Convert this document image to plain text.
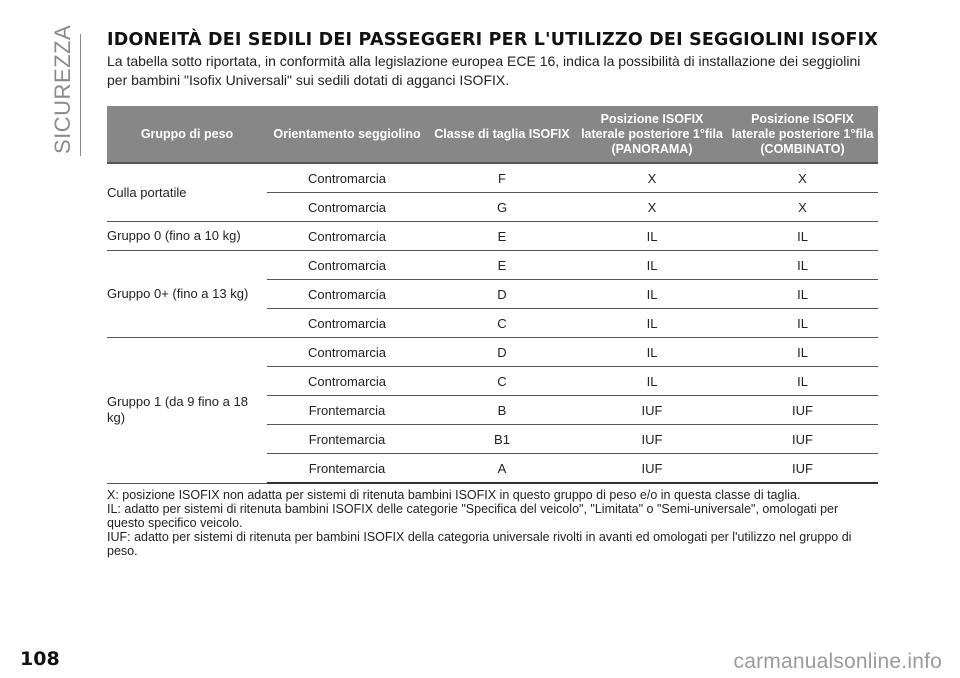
SICUREZZA IDONEITÀ DEI SEDILI DEI PASSEGGERI PER L'UTILIZZO DEI SEGGIOLINI ISOFIX

La tabella sotto riportata, in conformità alla legislazione europea ECE 16, indica la possibilità di installazione dei seggiolini per bambini "Isofix Universali" sui sedili dotati di agganci ISOFIX.

Gruppo di peso	Orientamento seggiolino	Classe di taglia ISOFIX	Posizione ISOFIX laterale posteriore 1°fila (PANORAMA)	Posizione ISOFIX laterale posteriore 1°fila (COMBINATO)
Culla portatile	Contromarcia	F	X	X
	Contromarcia	G	X	X
Gruppo 0 (fino a 10 kg)	Contromarcia	E	IL	IL
Gruppo 0+ (fino a 13 kg)	Contromarcia	E	IL	IL
	Contromarcia	D	IL	IL
	Contromarcia	C	IL	IL
Gruppo 1 (da 9 fino a 18 kg)	Contromarcia	D	IL	IL
	Contromarcia	C	IL	IL
	Frontemarcia	B	IUF	IUF
	Frontemarcia	B1	IUF	IUF
	Frontemarcia	A	IUF	IUF

X: posizione ISOFIX non adatta per sistemi di ritenuta bambini ISOFIX in questo gruppo di peso e/o in questa classe di taglia.

IL: adatto per sistemi di ritenuta bambini ISOFIX delle categorie "Specifica del veicolo", "Limitata" o "Semi-universale", omologati per questo specifico veicolo.

IUF: adatto per sistemi di ritenuta per bambini ISOFIX della categoria universale rivolti in avanti ed omologati per l'utilizzo nel gruppo di peso.

108	carmanualsonline.info
